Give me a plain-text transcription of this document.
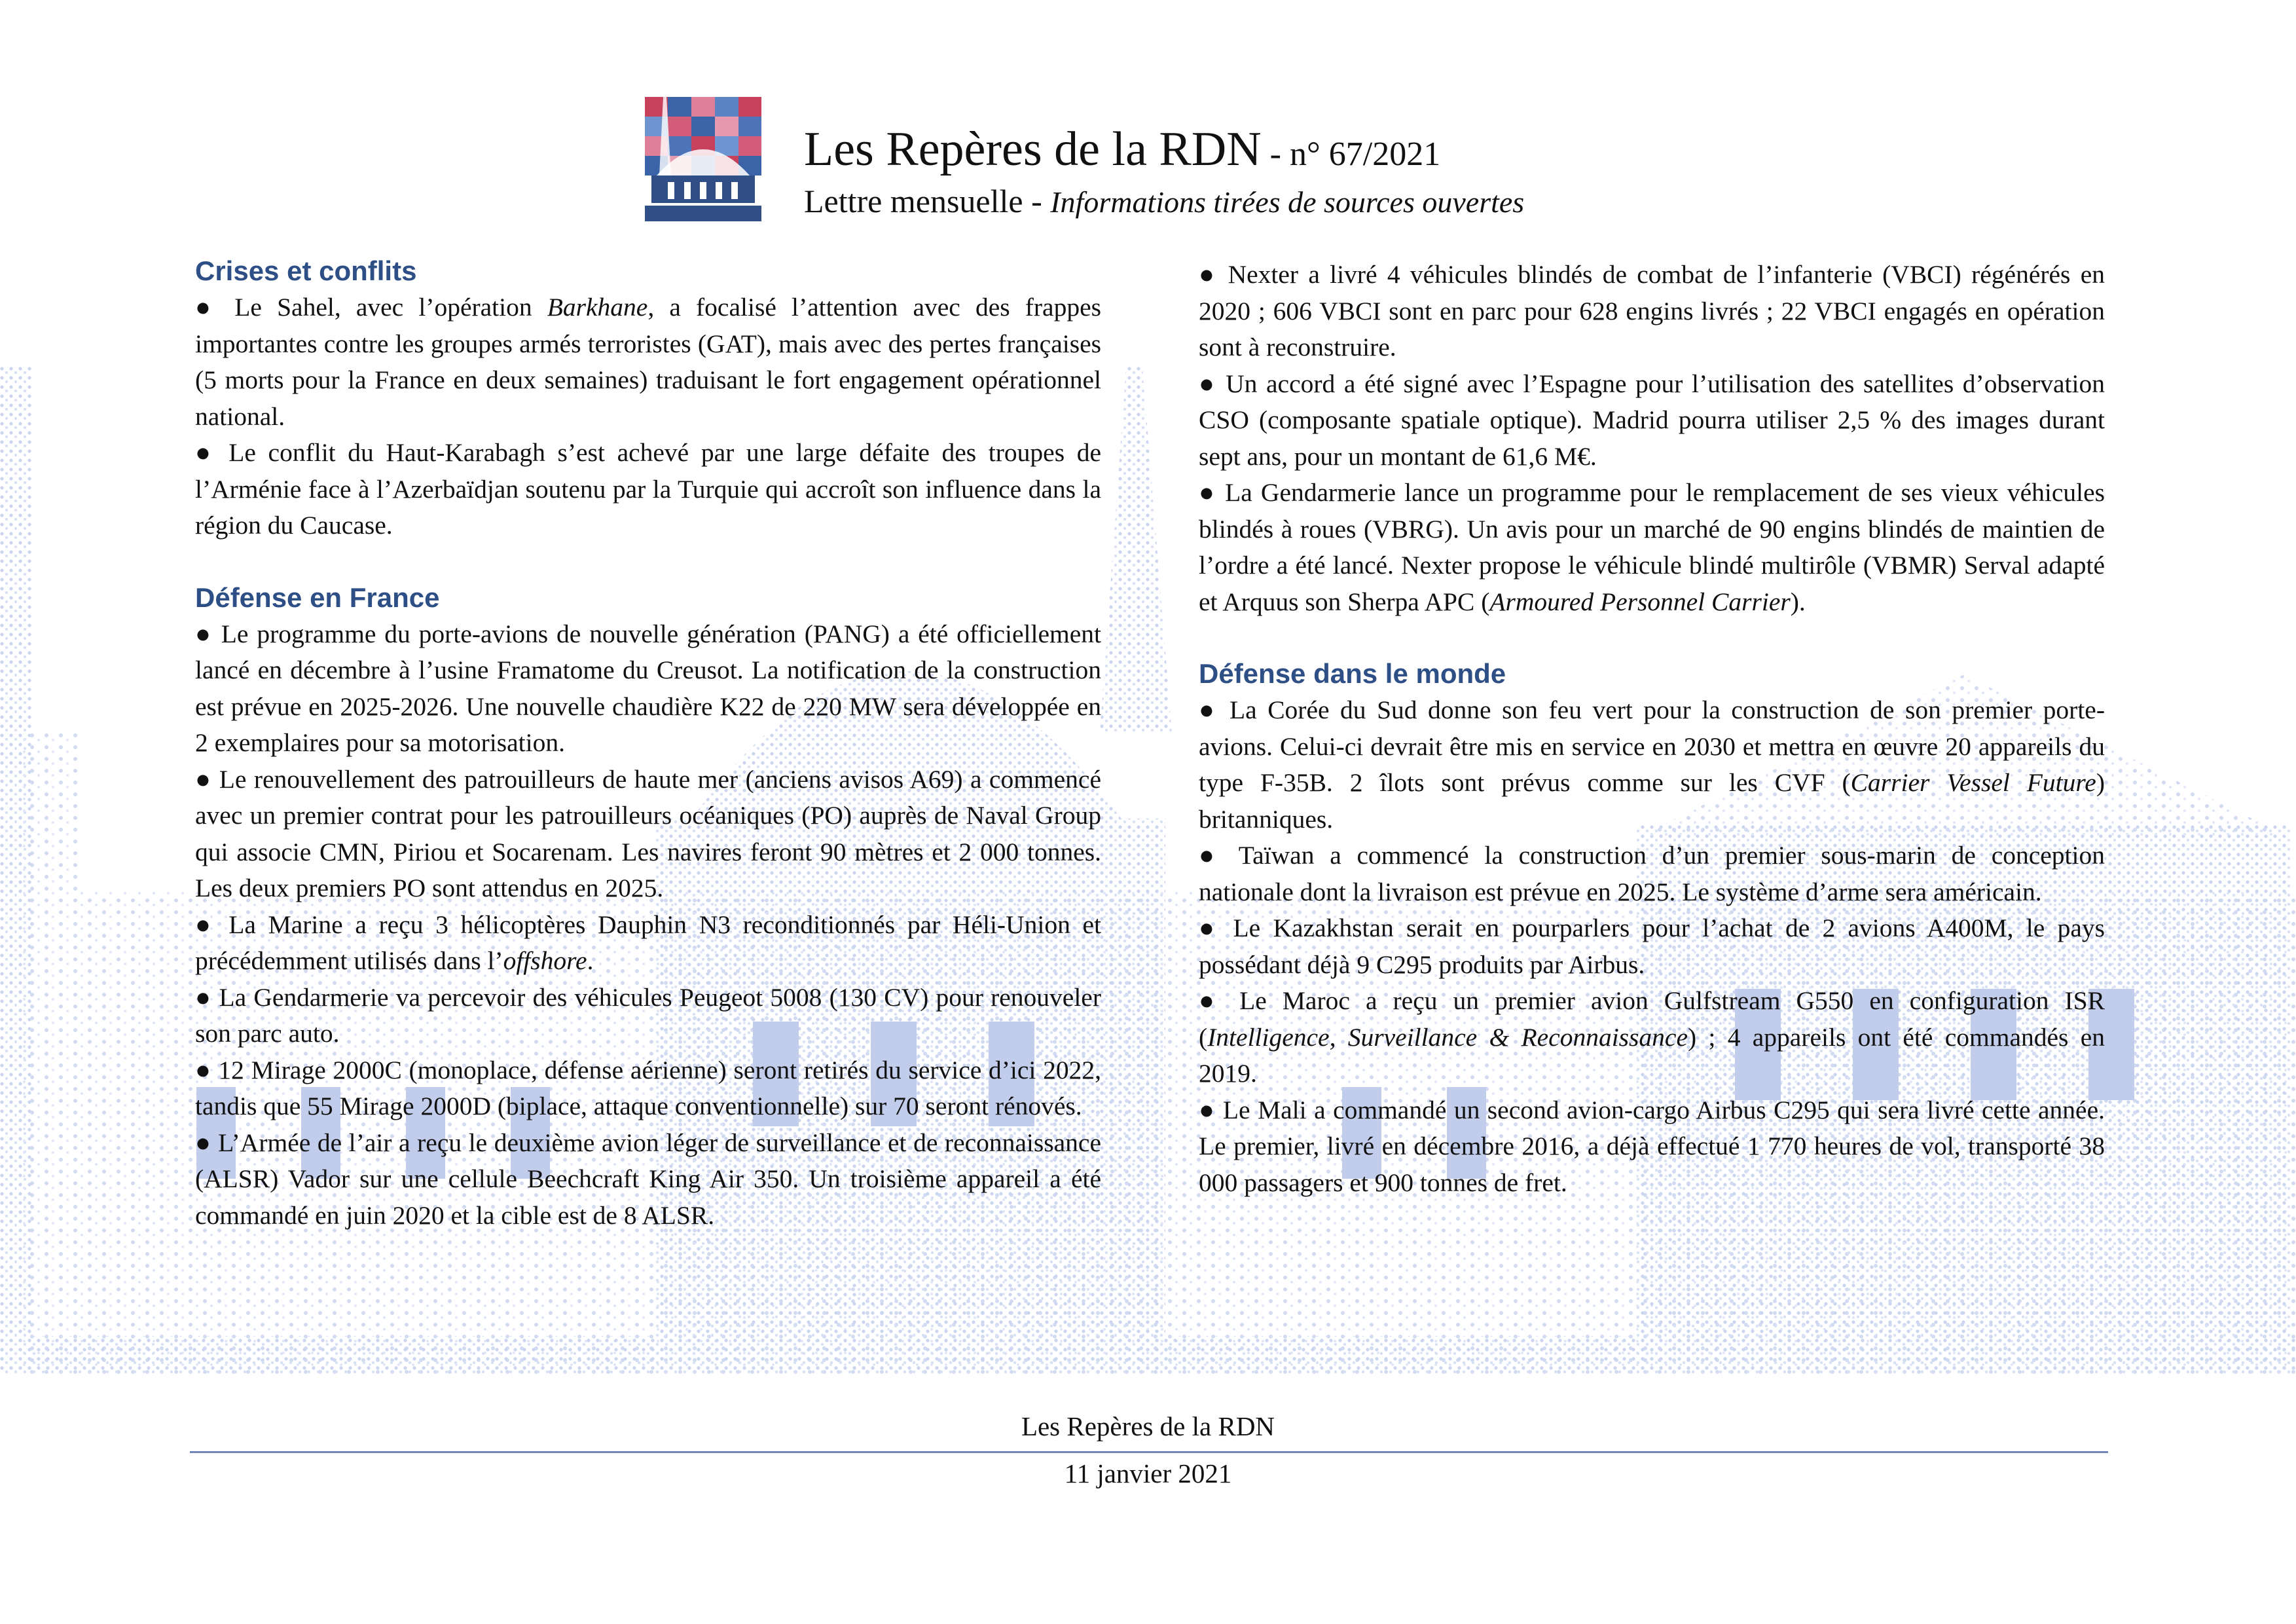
Les Repères de la RDN - n° 67/2021
Lettre mensuelle - Informations tirées de sources ouvertes
Crises et conflits
● Le Sahel, avec l’opération Barkhane, a focalisé l’attention avec des frappes importantes contre les groupes armés terroristes (GAT), mais avec des pertes françaises (5 morts pour la France en deux semaines) traduisant le fort engagement opérationnel national.
● Le conflit du Haut-Karabagh s’est achevé par une large défaite des troupes de l’Arménie face à l’Azerbaïdjan soutenu par la Turquie qui accroît son influence dans la région du Caucase.
Défense en France
● Le programme du porte-avions de nouvelle génération (PANG) a été officiellement lancé en décembre à l’usine Framatome du Creusot. La notification de la construction est prévue en 2025-2026. Une nouvelle chaudière K22 de 220 MW sera développée en 2 exemplaires pour sa motorisation.
● Le renouvellement des patrouilleurs de haute mer (anciens avisos A69) a commencé avec un premier contrat pour les patrouilleurs océaniques (PO) auprès de Naval Group qui associe CMN, Piriou et Socarenam. Les navires feront 90 mètres et 2 000 tonnes. Les deux premiers PO sont attendus en 2025.
● La Marine a reçu 3 hélicoptères Dauphin N3 reconditionnés par Héli-Union et précédemment utilisés dans l’offshore.
● La Gendarmerie va percevoir des véhicules Peugeot 5008 (130 CV) pour renouveler son parc auto.
● 12 Mirage 2000C (monoplace, défense aérienne) seront retirés du service d’ici 2022, tandis que 55 Mirage 2000D (biplace, attaque conventionnelle) sur 70 seront rénovés.
● L’Armée de l’air a reçu le deuxième avion léger de surveillance et de reconnaissance (ALSR) Vador sur une cellule Beechcraft King Air 350. Un troisième appareil a été commandé en juin 2020 et la cible est de 8 ALSR.
● Nexter a livré 4 véhicules blindés de combat de l’infanterie (VBCI) régénérés en 2020 ; 606 VBCI sont en parc pour 628 engins livrés ; 22 VBCI engagés en opération sont à reconstruire.
● Un accord a été signé avec l’Espagne pour l’utilisation des satellites d’observation CSO (composante spatiale optique). Madrid pourra utiliser 2,5 % des images durant sept ans, pour un montant de 61,6 M€.
● La Gendarmerie lance un programme pour le remplacement de ses vieux véhicules blindés à roues (VBRG). Un avis pour un marché de 90 engins blindés de maintien de l’ordre a été lancé. Nexter propose le véhicule blindé multirôle (VBMR) Serval adapté et Arquus son Sherpa APC (Armoured Personnel Carrier).
Défense dans le monde
● La Corée du Sud donne son feu vert pour la construction de son premier porte-avions. Celui-ci devrait être mis en service en 2030 et mettra en œuvre 20 appareils du type F-35B. 2 îlots sont prévus comme sur les CVF (Carrier Vessel Future) britanniques.
● Taïwan a commencé la construction d’un premier sous-marin de conception nationale dont la livraison est prévue en 2025. Le système d’arme sera américain.
● Le Kazakhstan serait en pourparlers pour l’achat de 2 avions A400M, le pays possédant déjà 9 C295 produits par Airbus.
● Le Maroc a reçu un premier avion Gulfstream G550 en configuration ISR (Intelligence, Surveillance & Reconnaissance) ; 4 appareils ont été commandés en 2019.
● Le Mali a commandé un second avion-cargo Airbus C295 qui sera livré cette année. Le premier, livré en décembre 2016, a déjà effectué 1 770 heures de vol, transporté 38 000 passagers et 900 tonnes de fret.
Les Repères de la RDN
11 janvier 2021
